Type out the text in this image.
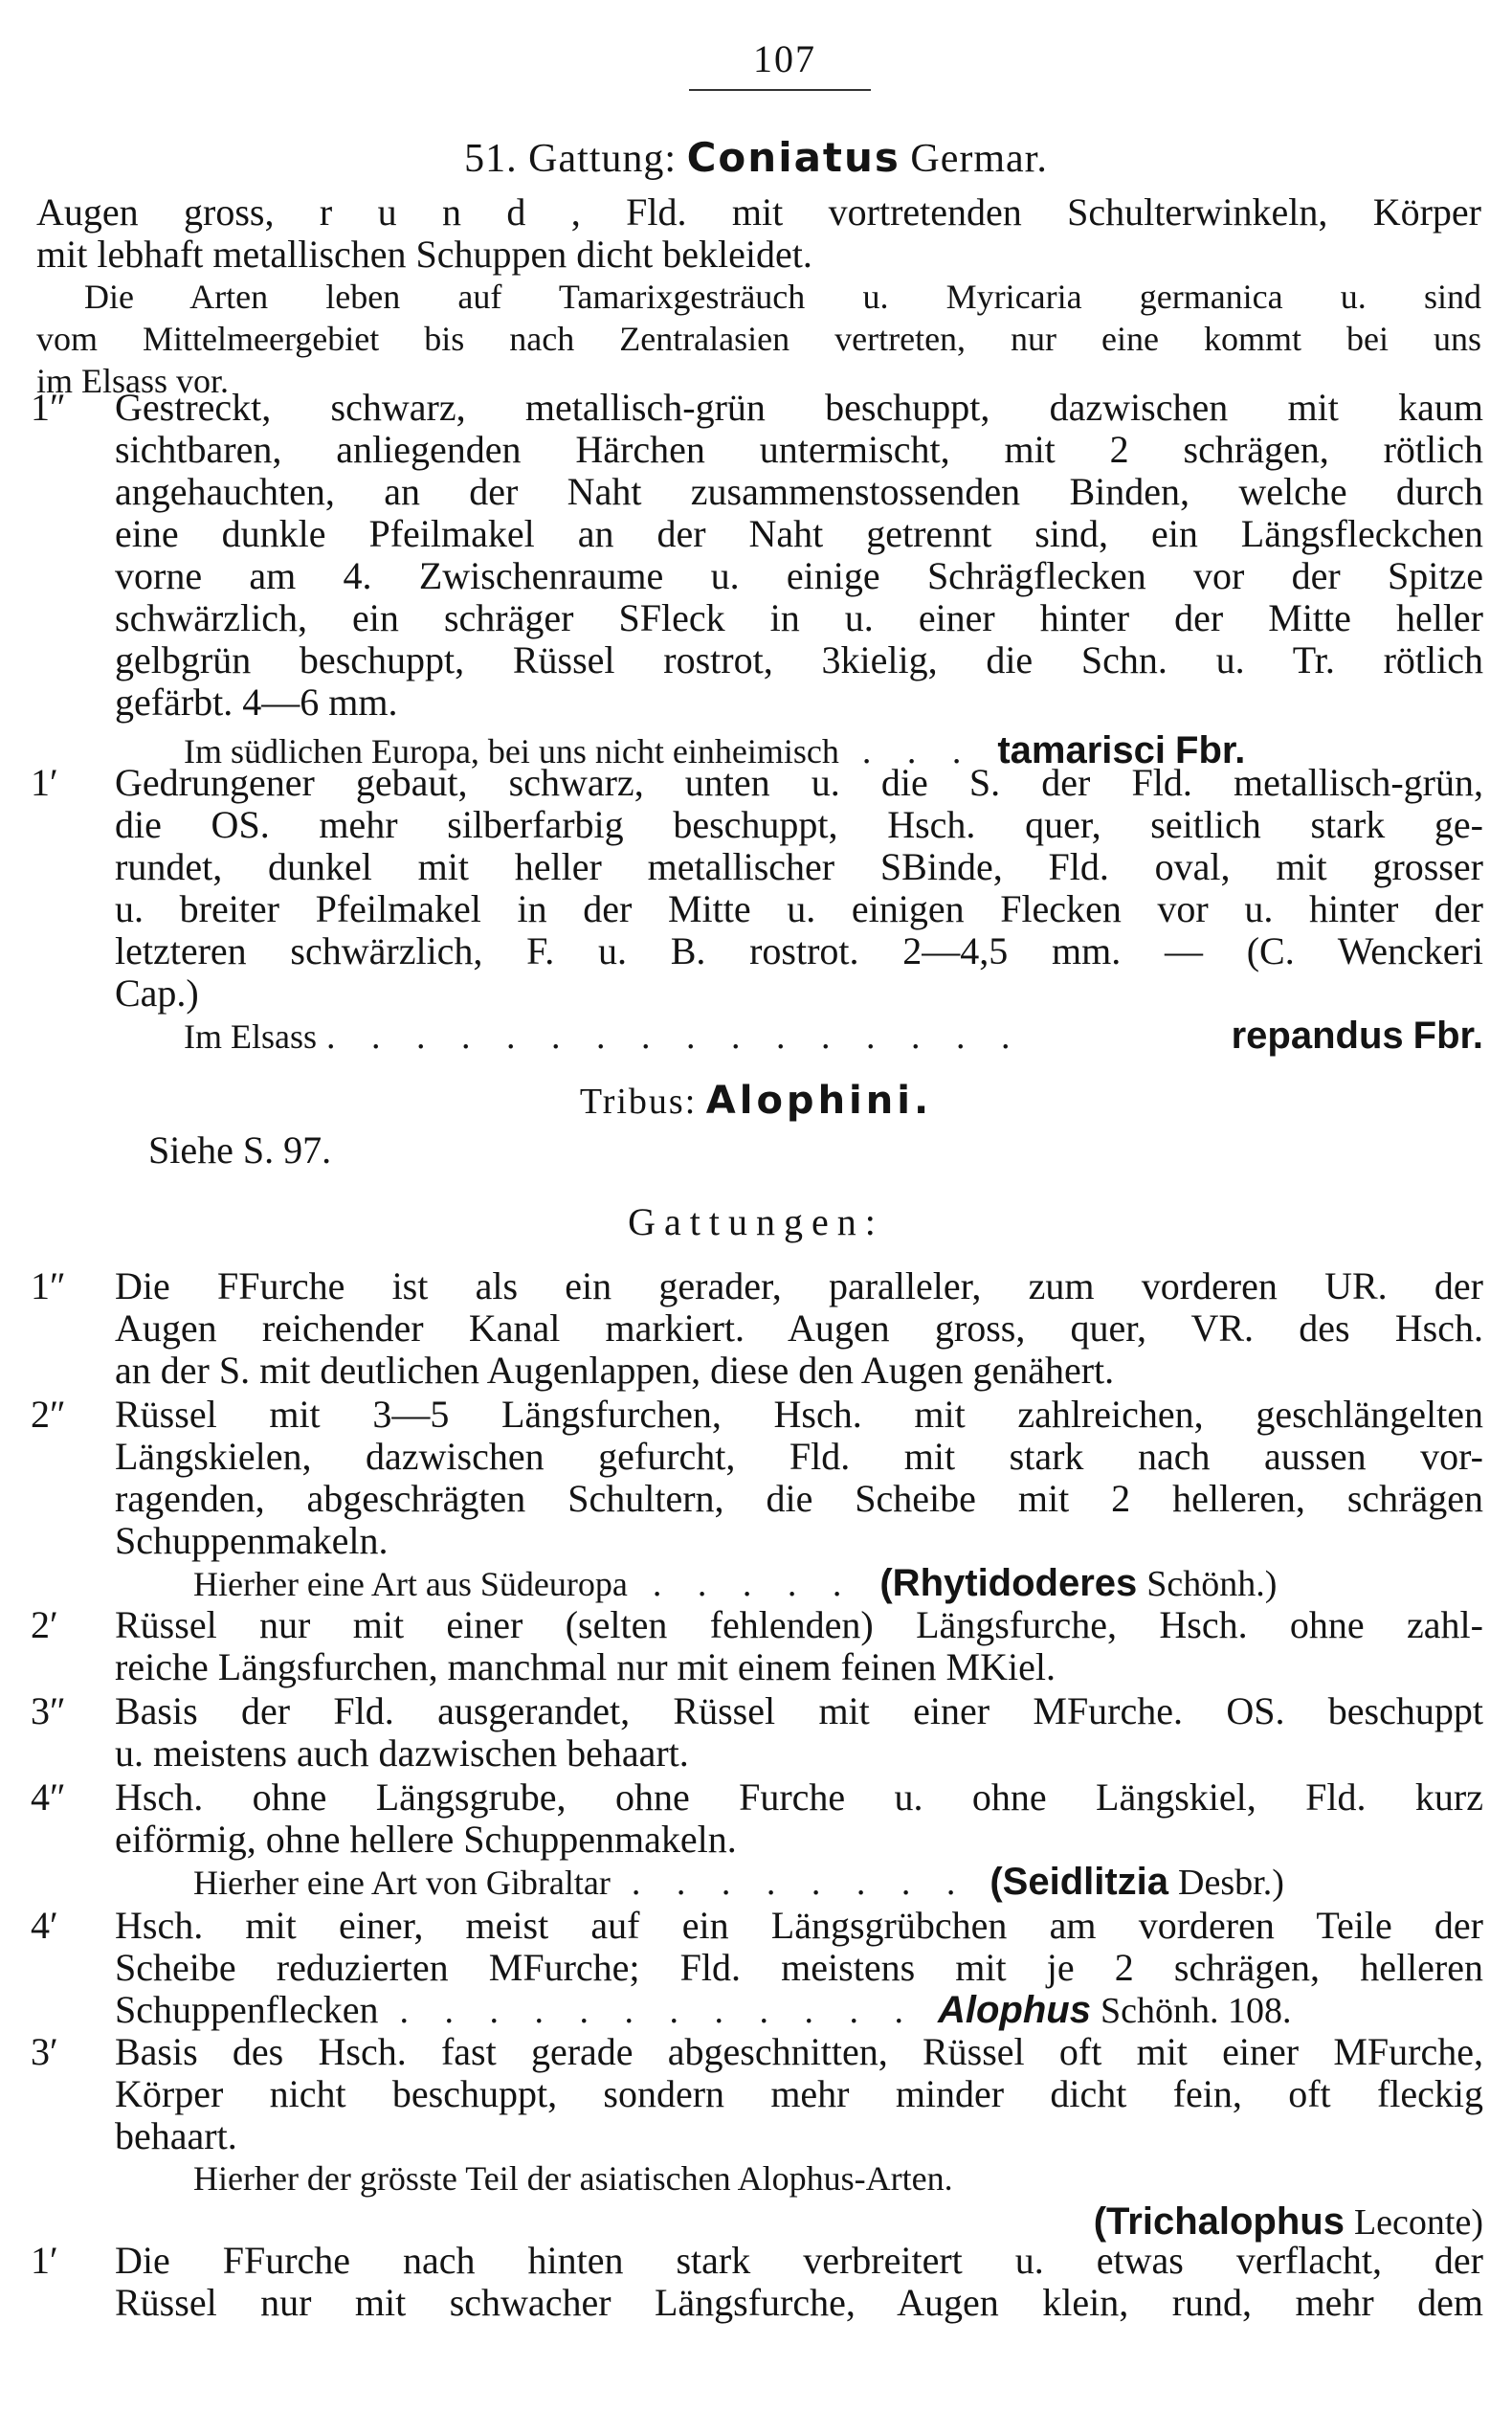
107
51. Gattung: Coniatus Germar.
Augen gross, r u n d , Fld. mit vortretenden Schulterwinkeln, Körper
mit lebhaft metallischen Schuppen dicht bekleidet.
Die Arten leben auf Tamarixgesträuch u. Myricaria germanica u. sind
vom Mittelmeergebiet bis nach Zentralasien vertreten, nur eine kommt bei uns
im Elsass vor.
1″	Gestreckt, schwarz, metallisch-grün beschuppt, dazwischen mit kaum
sichtbaren, anliegenden Härchen untermischt, mit 2 schrägen, rötlich
angehauchten, an der Naht zusammenstossenden Binden, welche durch
eine dunkle Pfeilmakel an der Naht getrennt sind, ein Längsfleckchen
vorne am 4. Zwischenraume u. einige Schrägflecken vor der Spitze
schwärzlich, ein schräger SFleck in u. einer hinter der Mitte heller
gelbgrün beschuppt, Rüssel rostrot, 3kielig, die Schn. u. Tr. rötlich
gefärbt. 4—6 mm.
Im südlichen Europa, bei uns nicht einheimisch . . . tamarisci
Fbr.
1′	Gedrungener gebaut, schwarz, unten u. die S. der Fld. metallisch-grün,
die OS. mehr silberfarbig beschuppt, Hsch. quer, seitlich stark ge-
rundet, dunkel mit heller metallischer SBinde, Fld. oval, mit grosser
u. breiter Pfeilmakel in der Mitte u. einigen Flecken vor u. hinter der
letzteren schwärzlich, F. u. B. rostrot. 2—4,5 mm. — (C. Wenckeri
Cap.)
Im Elsass . . . . . . . . . . . . . . . .	repandus
Fbr.
Tribus: Alophini.
Siehe S. 97.
Gattungen:
1″	Die FFurche ist als ein gerader, paralleler, zum vorderen UR. der
Augen reichender Kanal markiert. Augen gross, quer, VR. des Hsch.
an der S. mit deutlichen Augenlappen, diese den Augen genähert.
2″	Rüssel mit 3—5 Längsfurchen, Hsch. mit zahlreichen, geschlängelten
Längskielen, dazwischen gefurcht, Fld. mit stark nach aussen vor-
ragenden, abgeschrägten Schultern, die Scheibe mit 2 helleren, schrägen
Schuppenmakeln.
Hierher eine Art aus Südeuropa . . . . . (Rhytidoderes
Schönh.)
2′	Rüssel nur mit einer (selten fehlenden) Längsfurche, Hsch. ohne zahl-
reiche Längsfurchen, manchmal nur mit einem feinen MKiel.
3″	Basis der Fld. ausgerandet, Rüssel mit einer MFurche. OS. beschuppt
u. meistens auch dazwischen behaart.
4″	Hsch. ohne Längsgrube, ohne Furche u. ohne Längskiel, Fld. kurz
eiförmig, ohne hellere Schuppenmakeln.
Hierher eine Art von Gibraltar . . . . . . . . (Seidlitzia
Desbr.)
4′	Hsch. mit einer, meist auf ein Längsgrübchen am vorderen Teile der
Scheibe reduzierten MFurche; Fld. meistens mit je 2 schrägen, helleren
Schuppenflecken . . . . . . . . . . . . Alophus
Schönh. 108.
3′	Basis des Hsch. fast gerade abgeschnitten, Rüssel oft mit einer MFurche,
Körper nicht beschuppt, sondern mehr minder dicht fein, oft fleckig
behaart.
Hierher der grösste Teil der asiatischen Alophus-Arten.
(Trichalophus Leconte)
1′	Die FFurche nach hinten stark verbreitert u. etwas verflacht, der
Rüssel nur mit schwacher Längsfurche, Augen klein, rund, mehr dem
